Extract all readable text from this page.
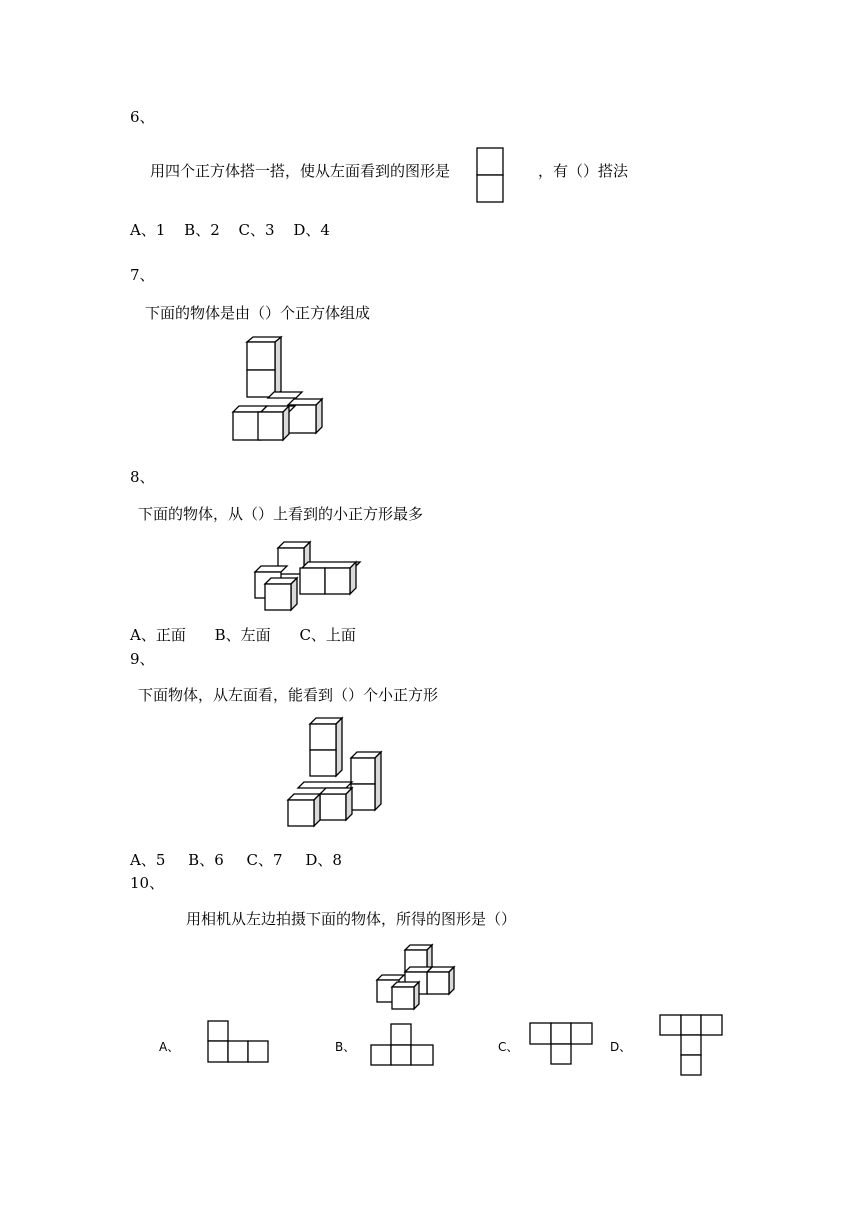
6、
用四个正方体搭一搭，使从左面看到的图形是	，有（）搭法
A、1 B、2 C、3 D、4
7、
下面的物体是由（）个正方体组成
8、
下面的物体，从（）上看到的小正方形最多
A、正面 B、左面 C、上面
9、
下面物体，从左面看，能看到（）个小正方形
A、5 B、6 C、7 D、8
10、
用相机从左边拍摄下面的物体，所得的图形是（）
A、	B、	C、	D、
